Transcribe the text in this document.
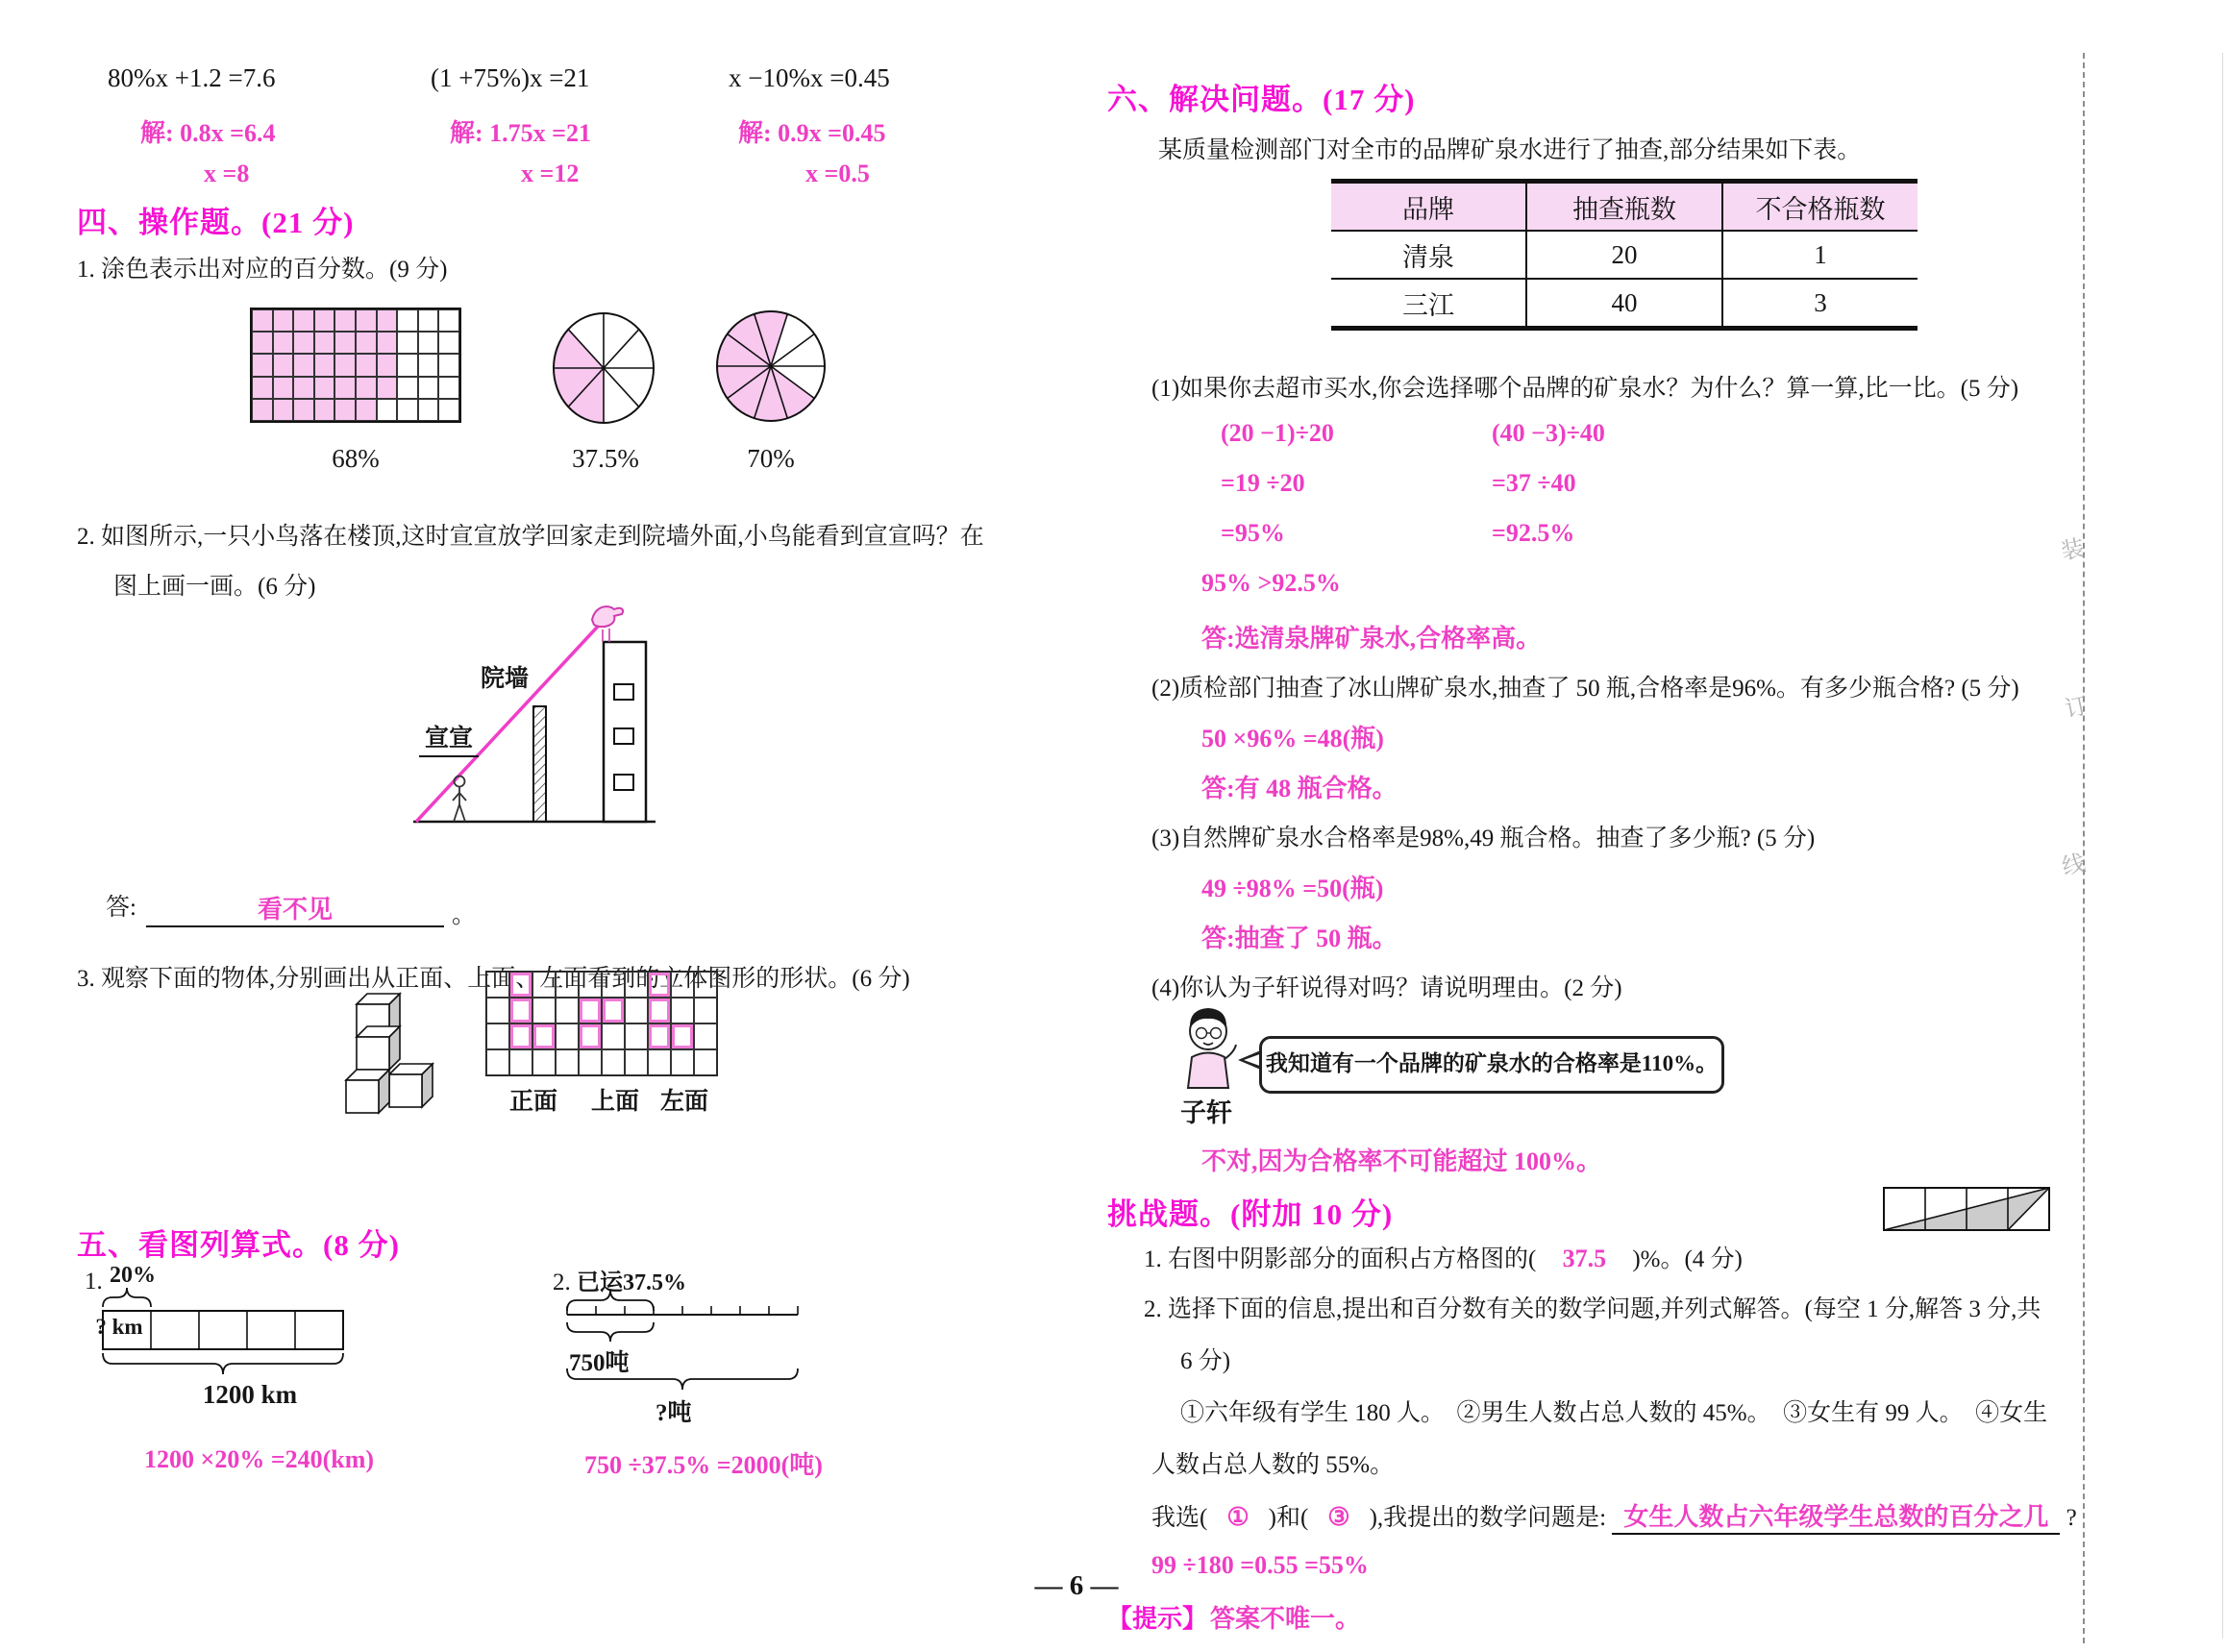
80%x +1.2 =7.6
解: 0.8x =6.4
x =8
(1 +75%)x =21
解: 1.75x =21
x =12
x −10%x =0.45
解: 0.9x =0.45
x =0.5
四、操作题。(21 分)
1. 涂色表示出对应的百分数。(9 分)
68%	37.5%	70%
2. 如图所示,一只小鸟落在楼顶,这时宣宣放学回家走到院墙外面,小鸟能看到宣宣吗？在
图上画一画。(6 分)
院墙
宣宣
答:	看不见	。
3. 观察下面的物体,分别画出从正面、上面、左面看到的立体图形的形状。(6 分)
正面	上面 左面
五、看图列算式。(8 分)
1. 20%
? km
1200 km
1200 ×20% =240(km)
2. 已运37.5%
750吨
?吨
750 ÷37.5% =2000(吨)
六、解决问题。(17 分)
某质量检测部门对全市的品牌矿泉水进行了抽查,部分结果如下表。
品牌	抽查瓶数	不合格瓶数
清泉	20	1
三江	40	3
(1)如果你去超市买水,你会选择哪个品牌的矿泉水？为什么？算一算,比一比。(5 分)
(20 −1)÷20	(40 −3)÷40
=19 ÷20	=37 ÷40
=95%	=92.5%
95% >92.5%
答:选清泉牌矿泉水,合格率高。
(2)质检部门抽查了冰山牌矿泉水,抽查了 50 瓶,合格率是96%。有多少瓶合格? (5 分)
50 ×96% =48(瓶)
答:有 48 瓶合格。
(3)自然牌矿泉水合格率是98%,49 瓶合格。抽查了多少瓶? (5 分)
49 ÷98% =50(瓶)
答:抽查了 50 瓶。
(4)你认为子轩说得对吗？请说明理由。(2 分)
我知道有一个品牌的矿泉水的合格率是110%。
子轩
不对,因为合格率不可能超过 100%。
挑战题。(附加 10 分)
1. 右图中阴影部分的面积占方格图的( 37.5 )%。(4 分)
2. 选择下面的信息,提出和百分数有关的数学问题,并列式解答。(每空 1 分,解答 3 分,共
6 分)
①六年级有学生 180 人。　②男生人数占总人数的 45%。　③女生有 99 人。　④女生
人数占总人数的 55%。
我选( ① )和( ③ ),我提出的数学问题是: 女生人数占六年级学生总数的百分之几 ?
99 ÷180 =0.55 =55%
【提示】　 答案不唯一。
— 6 —
装
订
线
